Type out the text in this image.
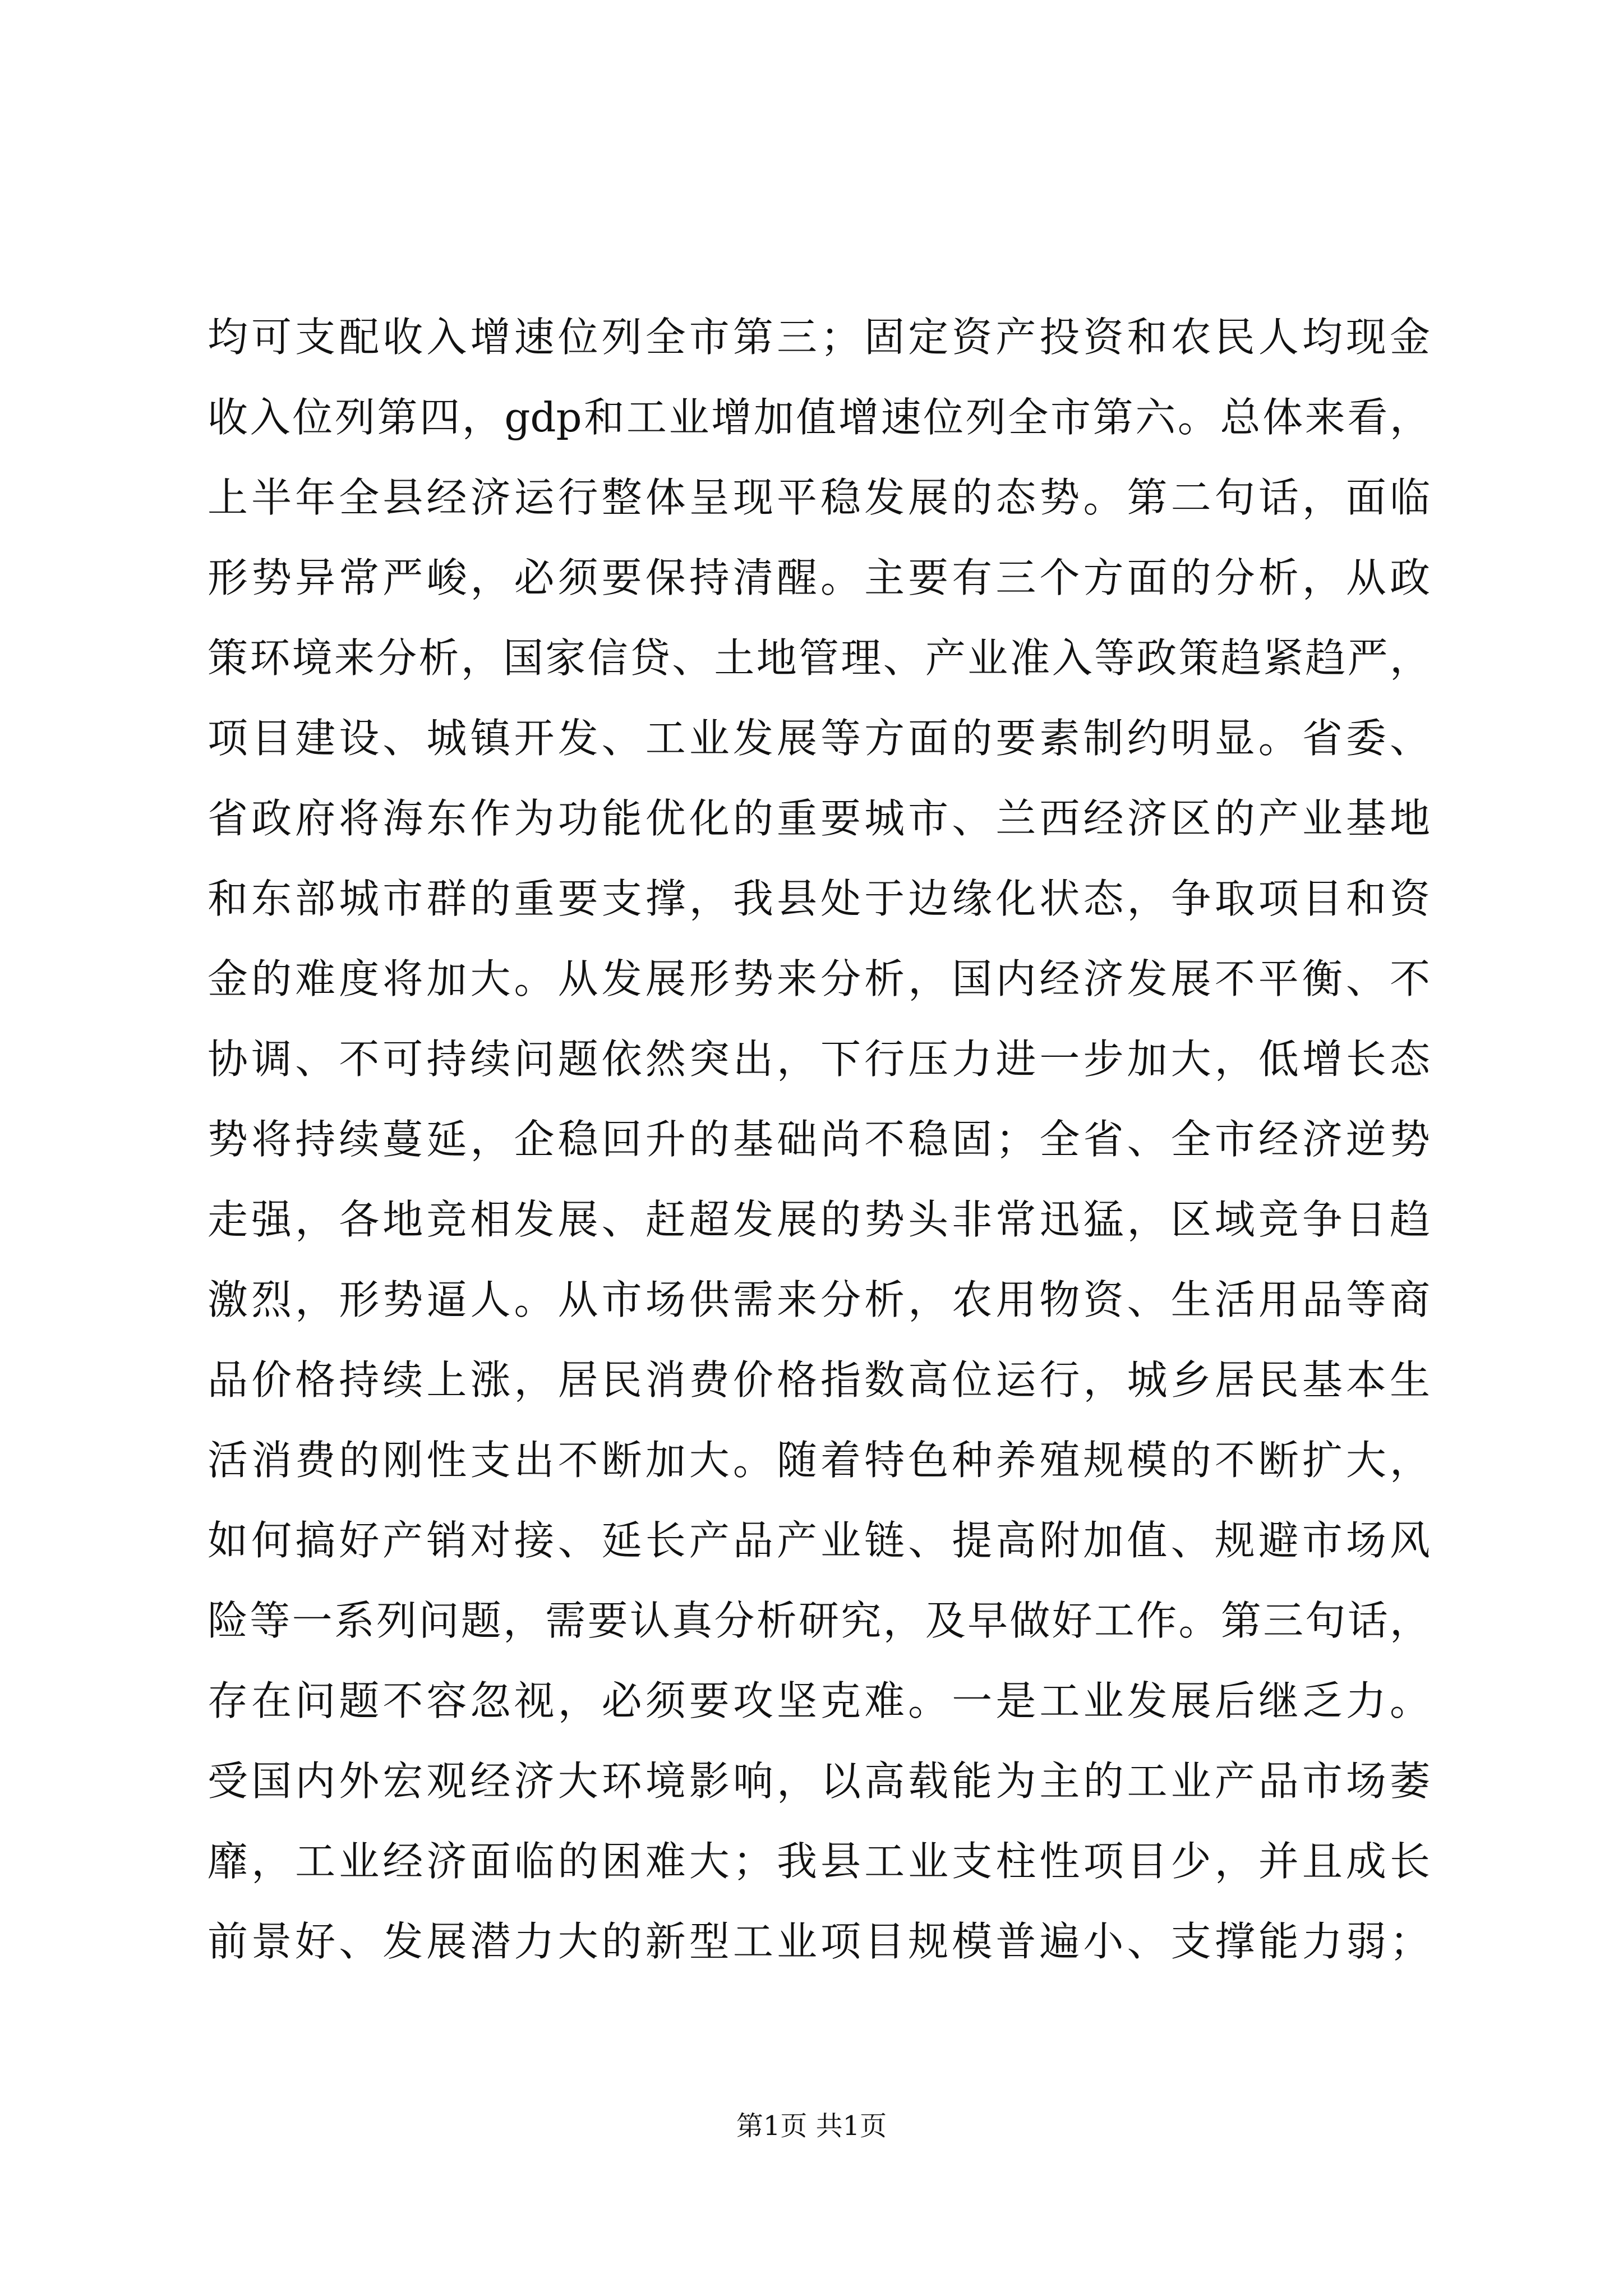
均可支配收入增速位列全市第三；固定资产投资和农民人均现金
收入位列第四，gdp和工业增加值增速位列全市第六。总体来看，
上半年全县经济运行整体呈现平稳发展的态势。第二句话，面临
形势异常严峻，必须要保持清醒。主要有三个方面的分析，从政
策环境来分析，国家信贷、土地管理、产业准入等政策趋紧趋严，
项目建设、城镇开发、工业发展等方面的要素制约明显。省委、
省政府将海东作为功能优化的重要城市、兰西经济区的产业基地
和东部城市群的重要支撑，我县处于边缘化状态，争取项目和资
金的难度将加大。从发展形势来分析，国内经济发展不平衡、不
协调、不可持续问题依然突出，下行压力进一步加大，低增长态
势将持续蔓延，企稳回升的基础尚不稳固；全省、全市经济逆势
走强，各地竞相发展、赶超发展的势头非常迅猛，区域竞争日趋
激烈，形势逼人。从市场供需来分析，农用物资、生活用品等商
品价格持续上涨，居民消费价格指数高位运行，城乡居民基本生
活消费的刚性支出不断加大。随着特色种养殖规模的不断扩大，
如何搞好产销对接、延长产品产业链、提高附加值、规避市场风
险等一系列问题，需要认真分析研究，及早做好工作。第三句话，
存在问题不容忽视，必须要攻坚克难。一是工业发展后继乏力。
受国内外宏观经济大环境影响，以高载能为主的工业产品市场萎
靡，工业经济面临的困难大；我县工业支柱性项目少，并且成长
前景好、发展潜力大的新型工业项目规模普遍小、支撑能力弱；
第1页 共1页
